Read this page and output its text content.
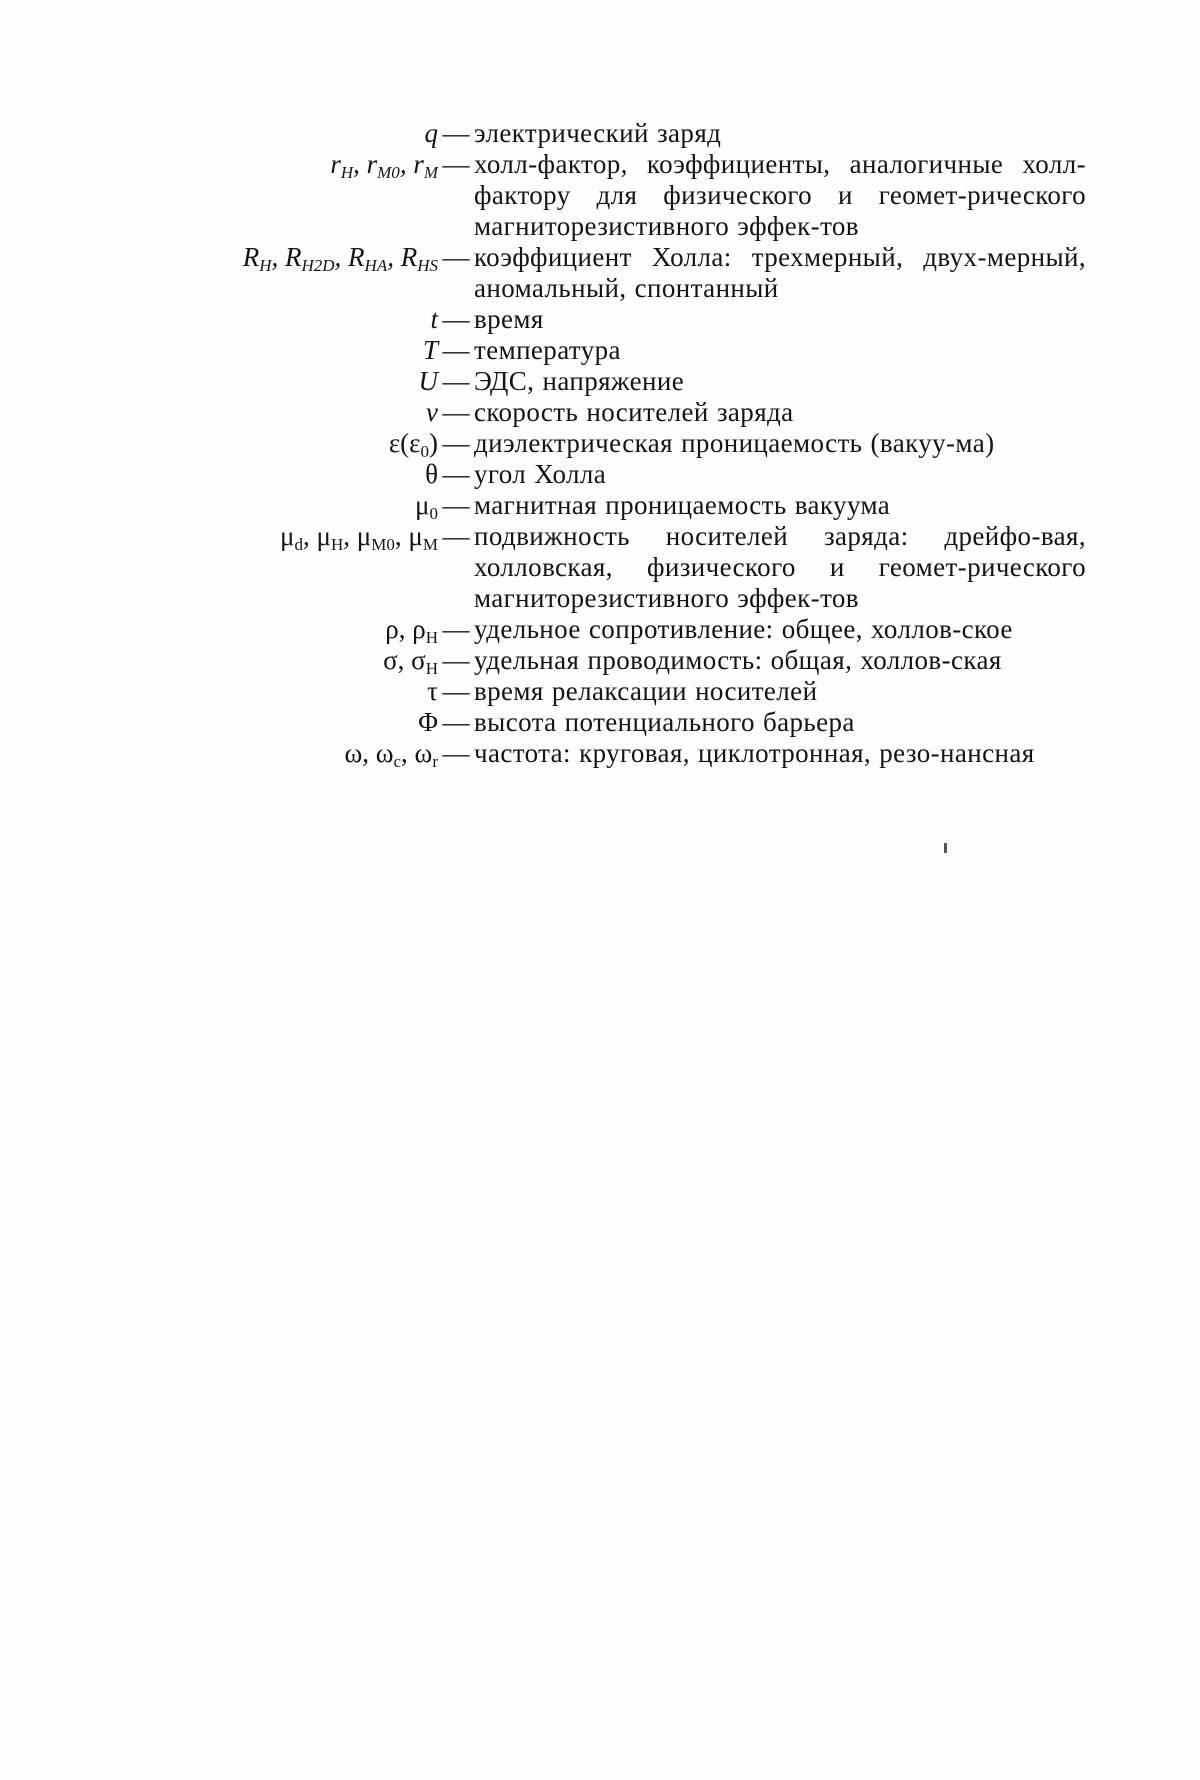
q — электрический заряд
$r_H$, $r_{M0}$, $r_M$ — холл-фактор, коэффициенты, аналогичные холл-фактору для физического и геомет-рического магниторезистивного эффек-тов
$R_H$, $R_{H2D}$, $R_{HA}$, $R_{HS}$ — коэффициент Холла: трехмерный, двух-мерный, аномальный, спонтанный
t — время
T — температура
U — ЭДС, напряжение
v — скорость носителей заряда
$\varepsilon(\varepsilon_0)$ — диэлектрическая проницаемость (вакуу-ма)
θ — угол Холла
$\mu_0$ — магнитная проницаемость вакуума
$\mu_d$, $\mu_H$, $\mu_{M0}$, $\mu_M$ — подвижность носителей заряда: дрейфо-вая, холловская, физического и геомет-рического магниторезистивного эффек-тов
ρ, $\rho_H$ — удельное сопротивление: общее, холлов-ское
σ, $\sigma_H$ — удельная проводимость: общая, холлов-ская
τ — время релаксации носителей
Φ — высота потенциального барьера
ω, $\omega_c$, $\omega_r$ — частота: круговая, циклотронная, резо-нансная
